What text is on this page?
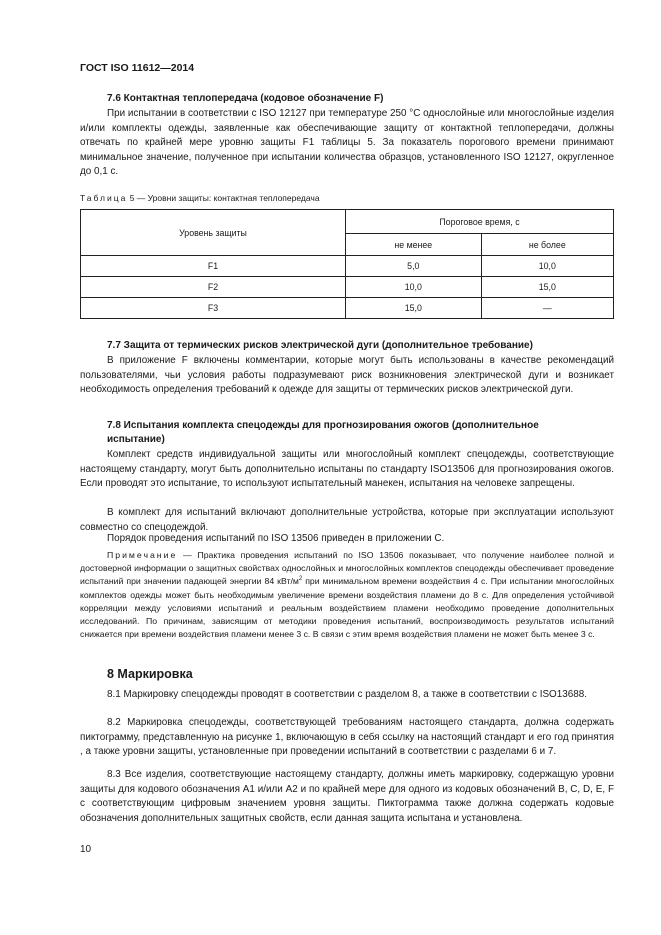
ГОСТ ISO 11612—2014
7.6 Контактная теплопередача (кодовое обозначение F)

При испытании в соответствии с ISO 12127 при температуре 250 °С однослойные или многослойные изделия и/или комплекты одежды, заявленные как обеспечивающие защиту от контактной теплопередачи, должны отвечать по крайней мере уровню защиты F1 таблицы 5. За показатель порогового времени принимают минимальное значение, полученное при испытании количества образцов, установленного ISO 12127, округленное до 0,1 с.

Таблица 5 — Уровни защиты: контактная теплопередача
Уровень защиты	Пороговое время, с	
	не менее	не более
F1	5,0	10,0
F2	10,0	15,0
F3	15,0	—
7.7 Защита от термических рисков электрической дуги (дополнительное требование)

В приложение F включены комментарии, которые могут быть использованы в качестве рекомендаций пользователями, чьи условия работы подразумевают риск возникновения электрической дуги и возникает необходимость определения требований к одежде для защиты от термических рисков электрической дуги.

7.8 Испытания комплекта спецодежды для прогнозирования ожогов (дополнительное
испытание)

Комплект средств индивидуальной защиты или многослойный комплект спецодежды, соответствующие настоящему стандарту, могут быть дополнительно испытаны по стандарту ISO13506 для прогнозирования ожогов. Если проводят это испытание, то используют испытательный манекен, испытания на человеке запрещены.

В комплект для испытаний включают дополнительные устройства, которые при эксплуатации используют совместно со спецодеждой.

Порядок проведения испытаний по ISO 13506 приведен в приложении С.

Примечание — Практика проведения испытаний по ISO 13506 показывает, что получение наиболее полной и достоверной информации о защитных свойствах однослойных и многослойных комплектов спецодежды обеспечивает проведение испытаний при значении падающей энергии 84 кВт/$м^2$ при минимальном времени воздействия 4 с. При испытании многослойных комплектов одежды может быть необходимым увеличение времени воздействия пламени до 8 с. Для определения устойчивой корреляции между условиями испытаний и реальным воздействием пламени необходимо проведение дополнительных исследований. По причинам, зависящим от методики проведения испытаний, воспроизводимость результатов испытаний снижается при времени воздействия пламени менее 3 с. В связи с этим время воздействия пламени не может быть менее 3 с.

8 Маркировка

8.1 Маркировку спецодежды проводят в соответствии с разделом 8, а также в соответствии с ISO13688.

8.2 Маркировка спецодежды, соответствующей требованиям настоящего стандарта, должна содержать пиктограмму, представленную на рисунке 1, включающую в себя ссылку на настоящий стандарт и его год принятия , а также уровни защиты, установленные при проведении испытаний в соответствии с разделами 6 и 7.

8.3 Все изделия, соответствующие настоящему стандарту, должны иметь маркировку, содержащую уровни защиты для кодового обозначения А1 и/или А2 и по крайней мере для одного из кодовых обозначений B, C, D, E, F с соответствующим цифровым значением уровня защиты. Пиктограмма также должна содержать кодовые обозначения дополнительных защитных свойств, если данная защита испытана и установлена.

10
